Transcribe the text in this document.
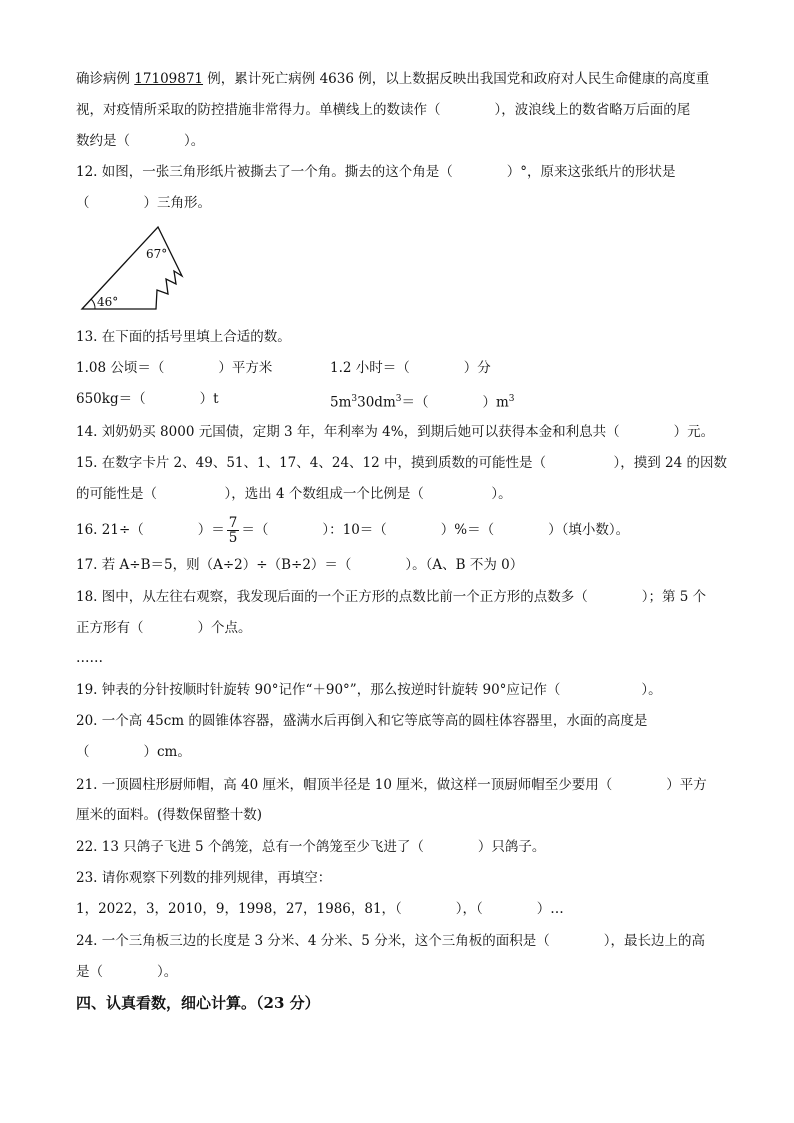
确诊病例 17109871 例，累计死亡病例 4636 例，以上数据反映出我国党和政府对人民生命健康的高度重
视，对疫情所采取的防控措施非常得力。单横线上的数读作（　　　　），波浪线上的数省略万后面的尾
数约是（　　　　）。
12. 如图，一张三角形纸片被撕去了一个角。撕去的这个角是（　　　　）°，原来这张纸片的形状是
（　　　　）三角形。
67°
46°
13. 在下面的括号里填上合适的数。
1.08 公顷＝（　　　　）平方米	1.2 小时＝（　　　　）分
650kg＝（　　　　）t	$5m^330dm^3=$（　　　　）$m^3$
14. 刘奶奶买 8000 元国债，定期 3 年，年利率为 4%，到期后她可以获得本金和利息共（　　　　）元。
15. 在数字卡片 2、49、51、1、17、4、24、12 中，摸到质数的可能性是（　　　　　），摸到 24 的因数
的可能性是（　　　　　），选出 4 个数组成一个比例是（　　　　　）。
16. 21÷（　　　　）＝ $\frac{7}{5}$ ＝（　　　　）：10＝（　　　　）%＝（　　　　）（填小数）。
17. 若 A÷B＝5，则（A÷2）÷（B÷2）＝（　　　　）。（A、B 不为 0）
18. 图中，从左往右观察，我发现后面的一个正方形的点数比前一个正方形的点数多（　　　　）；第 5 个
正方形有（　　　　）个点。
……
19. 钟表的分针按顺时针旋转 90°记作“＋90°”，那么按逆时针旋转 90°应记作（　　　　　　）。
20. 一个高 45cm 的圆锥体容器，盛满水后再倒入和它等底等高的圆柱体容器里，水面的高度是
（　　　　）cm。
21. 一顶圆柱形厨师帽，高 40 厘米，帽顶半径是 10 厘米，做这样一顶厨师帽至少要用（　　　　）平方
厘米的面料。(得数保留整十数)
22. 13 只鸽子飞进 5 个鸽笼，总有一个鸽笼至少飞进了（　　　　）只鸽子。
23. 请你观察下列数的排列规律，再填空：
1，2022，3，2010，9，1998，27，1986，81，（　　　　），（　　　　）…
24. 一个三角板三边的长度是 3 分米、4 分米、5 分米，这个三角板的面积是（　　　　），最长边上的高
是（　　　　）。
四、认真看数，细心计算。（23 分）
